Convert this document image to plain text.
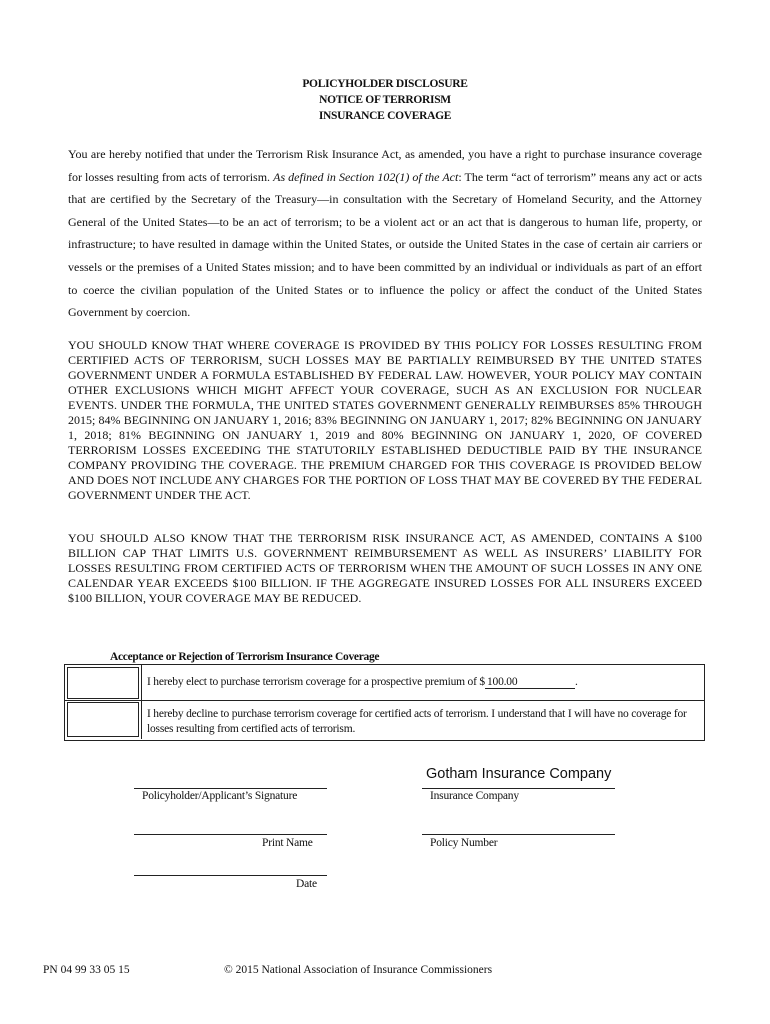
POLICYHOLDER DISCLOSURE
NOTICE OF TERRORISM
INSURANCE COVERAGE
You are hereby notified that under the Terrorism Risk Insurance Act, as amended, you have a right to purchase insurance coverage for losses resulting from acts of terrorism. As defined in Section 102(1) of the Act: The term “act of terrorism” means any act or acts that are certified by the Secretary of the Treasury—in consultation with the Secretary of Homeland Security, and the Attorney General of the United States—to be an act of terrorism; to be a violent act or an act that is dangerous to human life, property, or infrastructure; to have resulted in damage within the United States, or outside the United States in the case of certain air carriers or vessels or the premises of a United States mission; and to have been committed by an individual or individuals as part of an effort to coerce the civilian population of the United States or to influence the policy or affect the conduct of the United States Government by coercion.
YOU SHOULD KNOW THAT WHERE COVERAGE IS PROVIDED BY THIS POLICY FOR LOSSES RESULTING FROM CERTIFIED ACTS OF TERRORISM, SUCH LOSSES MAY BE PARTIALLY REIMBURSED BY THE UNITED STATES GOVERNMENT UNDER A FORMULA ESTABLISHED BY FEDERAL LAW. HOWEVER, YOUR POLICY MAY CONTAIN OTHER EXCLUSIONS WHICH MIGHT AFFECT YOUR COVERAGE, SUCH AS AN EXCLUSION FOR NUCLEAR EVENTS. UNDER THE FORMULA, THE UNITED STATES GOVERNMENT GENERALLY REIMBURSES 85% THROUGH 2015; 84% BEGINNING ON JANUARY 1, 2016; 83% BEGINNING ON JANUARY 1, 2017; 82% BEGINNING ON JANUARY 1, 2018; 81% BEGINNING ON JANUARY 1, 2019 and 80% BEGINNING ON JANUARY 1, 2020, OF COVERED TERRORISM LOSSES EXCEEDING THE STATUTORILY ESTABLISHED DEDUCTIBLE PAID BY THE INSURANCE COMPANY PROVIDING THE COVERAGE. THE PREMIUM CHARGED FOR THIS COVERAGE IS PROVIDED BELOW AND DOES NOT INCLUDE ANY CHARGES FOR THE PORTION OF LOSS THAT MAY BE COVERED BY THE FEDERAL GOVERNMENT UNDER THE ACT.
YOU SHOULD ALSO KNOW THAT THE TERRORISM RISK INSURANCE ACT, AS AMENDED, CONTAINS A $100 BILLION CAP THAT LIMITS U.S. GOVERNMENT REIMBURSEMENT AS WELL AS INSURERS’ LIABILITY FOR LOSSES RESULTING FROM CERTIFIED ACTS OF TERRORISM WHEN THE AMOUNT OF SUCH LOSSES IN ANY ONE CALENDAR YEAR EXCEEDS $100 BILLION. IF THE AGGREGATE INSURED LOSSES FOR ALL INSURERS EXCEED $100 BILLION, YOUR COVERAGE MAY BE REDUCED.
Acceptance or Rejection of Terrorism Insurance Coverage
I hereby elect to purchase terrorism coverage for a prospective premium of $ 100.00	.
I hereby decline to purchase terrorism coverage for certified acts of terrorism. I understand that I will have no coverage for losses resulting from certified acts of terrorism.
Gotham Insurance Company
Policyholder/Applicant’s Signature	Insurance Company
Print Name	Policy Number
Date
PN 04 99 33 05 15	© 2015 National Association of Insurance Commissioners
